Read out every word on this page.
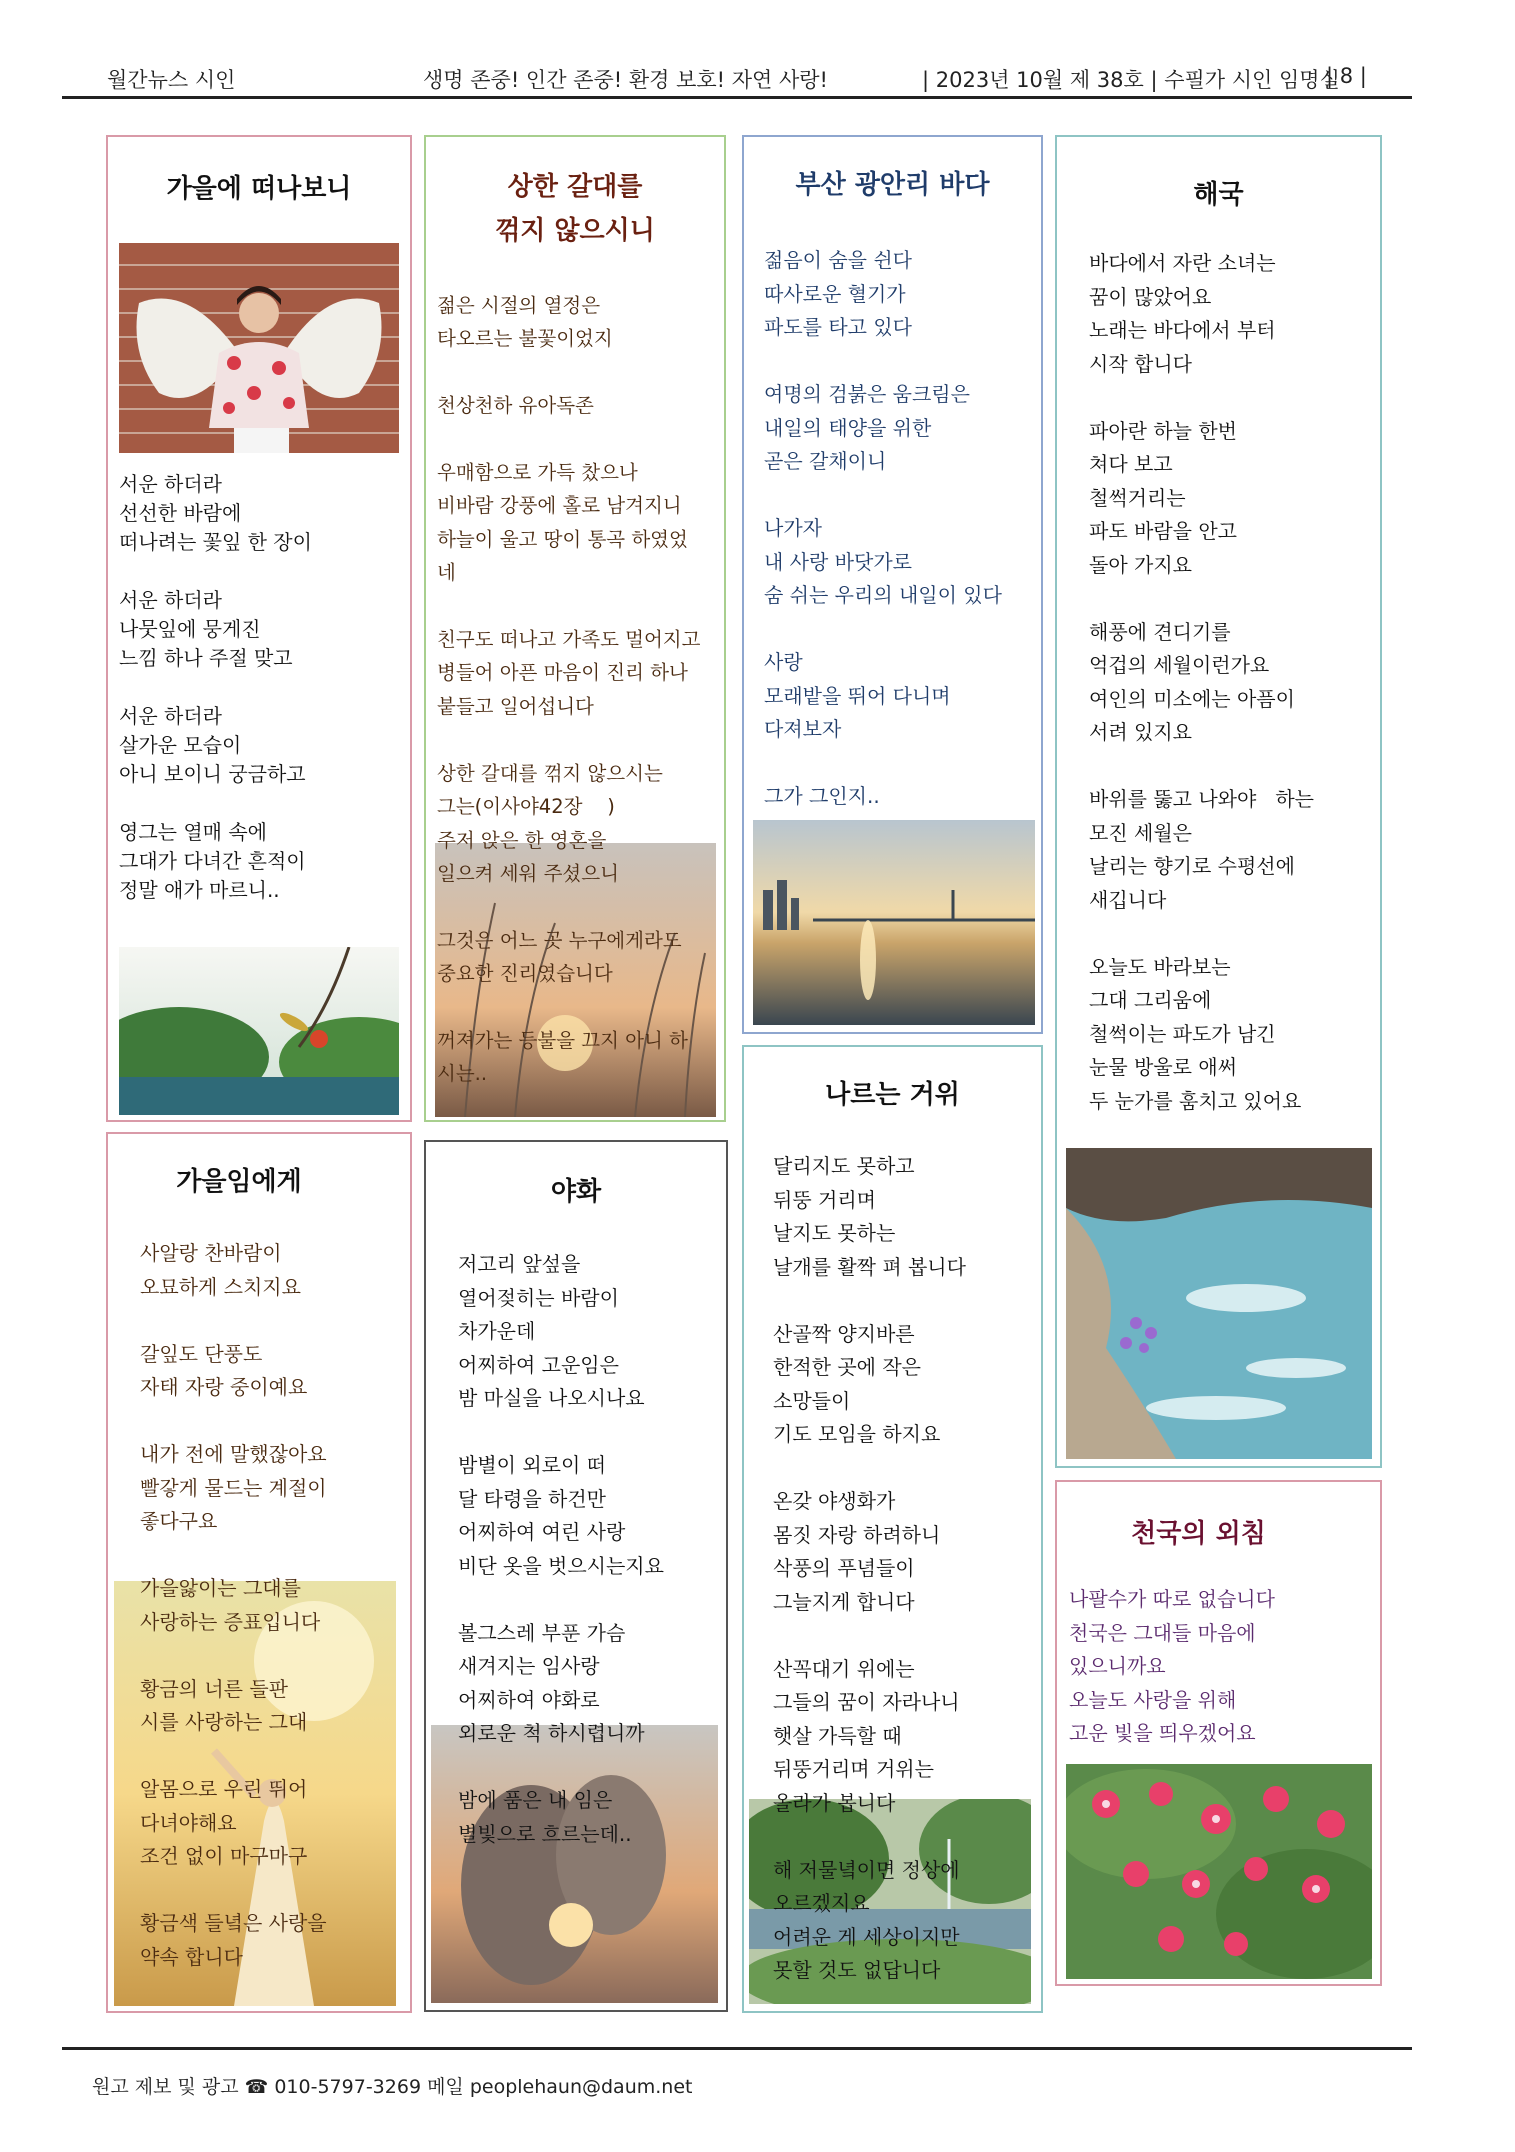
월간뉴스 시인	생명 존중! 인간 존중! 환경 보호! 자연 사랑!	| 2023년 10월 제 38호 | 수필가 시인 임명실
| 8 |
가을에 떠나보니
서운 하더라
선선한 바람에
떠나려는 꽃잎 한 장이

서운 하더라
나뭇잎에 뭉게진
느낌 하나 주절 맞고

서운 하더라
살가운 모습이
아니 보이니 궁금하고

영그는 열매 속에
그대가 다녀간 흔적이
정말 애가 마르니..
상한 갈대를
꺾지 않으시니
젊은 시절의 열정은
타오르는 불꽃이었지

천상천하 유아독존

우매함으로 가득 찼으나
비바람 강풍에 홀로 남겨지니
하늘이 울고 땅이 통곡 하였었
네

친구도 떠나고 가족도 멀어지고
병들어 아픈 마음이 진리 하나
붙들고 일어섭니다

상한 갈대를 꺾지 않으시는
그는(이사야42장    )
주저 앉은 한 영혼을
일으켜 세워 주셨으니

그것은 어느 곳 누구에게라도
중요한 진리였습니다

꺼져가는 등불을 끄지 아니 하
시는..
부산 광안리 바다
젊음이 숨을 쉰다
따사로운 혈기가
파도를 타고 있다

여명의 검붉은 움크림은
내일의 태양을 위한
곧은 갈채이니

나가자
내 사랑 바닷가로
숨 쉬는 우리의 내일이 있다

사랑
모래밭을 뛰어 다니며
다져보자

그가 그인지..
해국
바다에서 자란 소녀는
꿈이 많았어요
노래는 바다에서 부터
시작 합니다

파아란 하늘 한번
쳐다 보고
철썩거리는
파도 바람을 안고
돌아 가지요

해풍에 견디기를
억겁의 세월이런가요
여인의 미소에는 아픔이
서려 있지요

바위를 뚫고 나와야   하는
모진 세월은
날리는 향기로 수평선에
새깁니다

오늘도 바라보는
그대 그리움에
철썩이는 파도가 남긴
눈물 방울로 애써
두 눈가를 훔치고 있어요
가을임에게
사알랑 찬바람이
오묘하게 스치지요

갈잎도 단풍도
자태 자랑 중이예요

내가 전에 말했잖아요
빨갛게 물드는 계절이
좋다구요

가을앓이는 그대를
사랑하는 증표입니다

황금의 너른 들판
시를 사랑하는 그대

알몸으로 우린 뛰어
다녀야해요
조건 없이 마구마구

황금색 들녘은 사랑을
약속 합니다
야화
저고리 앞섶을
열어젖히는 바람이
차가운데
어찌하여 고운임은
밤 마실을 나오시나요

밤별이 외로이 떠
달 타령을 하건만
어찌하여 여린 사랑
비단 옷을 벗으시는지요

볼그스레 부푼 가슴
새겨지는 임사랑
어찌하여 야화로
외로운 척 하시렵니까

밤에 품은 내 임은
별빛으로 흐르는데..
나르는 거위
달리지도 못하고
뒤뚱 거리며
날지도 못하는
날개를 활짝 펴 봅니다

산골짝 양지바른
한적한 곳에 작은
소망들이
기도 모임을 하지요

온갖 야생화가
몸짓 자랑 하려하니
삭풍의 푸념들이
그늘지게 합니다

산꼭대기 위에는
그들의 꿈이 자라나니
햇살 가득할 때
뒤뚱거리며 거위는
올라가 봅니다

해 저물녘이면 정상에
오르겠지요
어려운 게 세상이지만
못할 것도 없답니다
천국의 외침
나팔수가 따로 없습니다
천국은 그대들 마음에
있으니까요
오늘도 사랑을 위해
고운 빛을 띄우겠어요
원고 제보 및 광고 ☎ 010-5797-3269 메일 peoplehaun@daum.net
